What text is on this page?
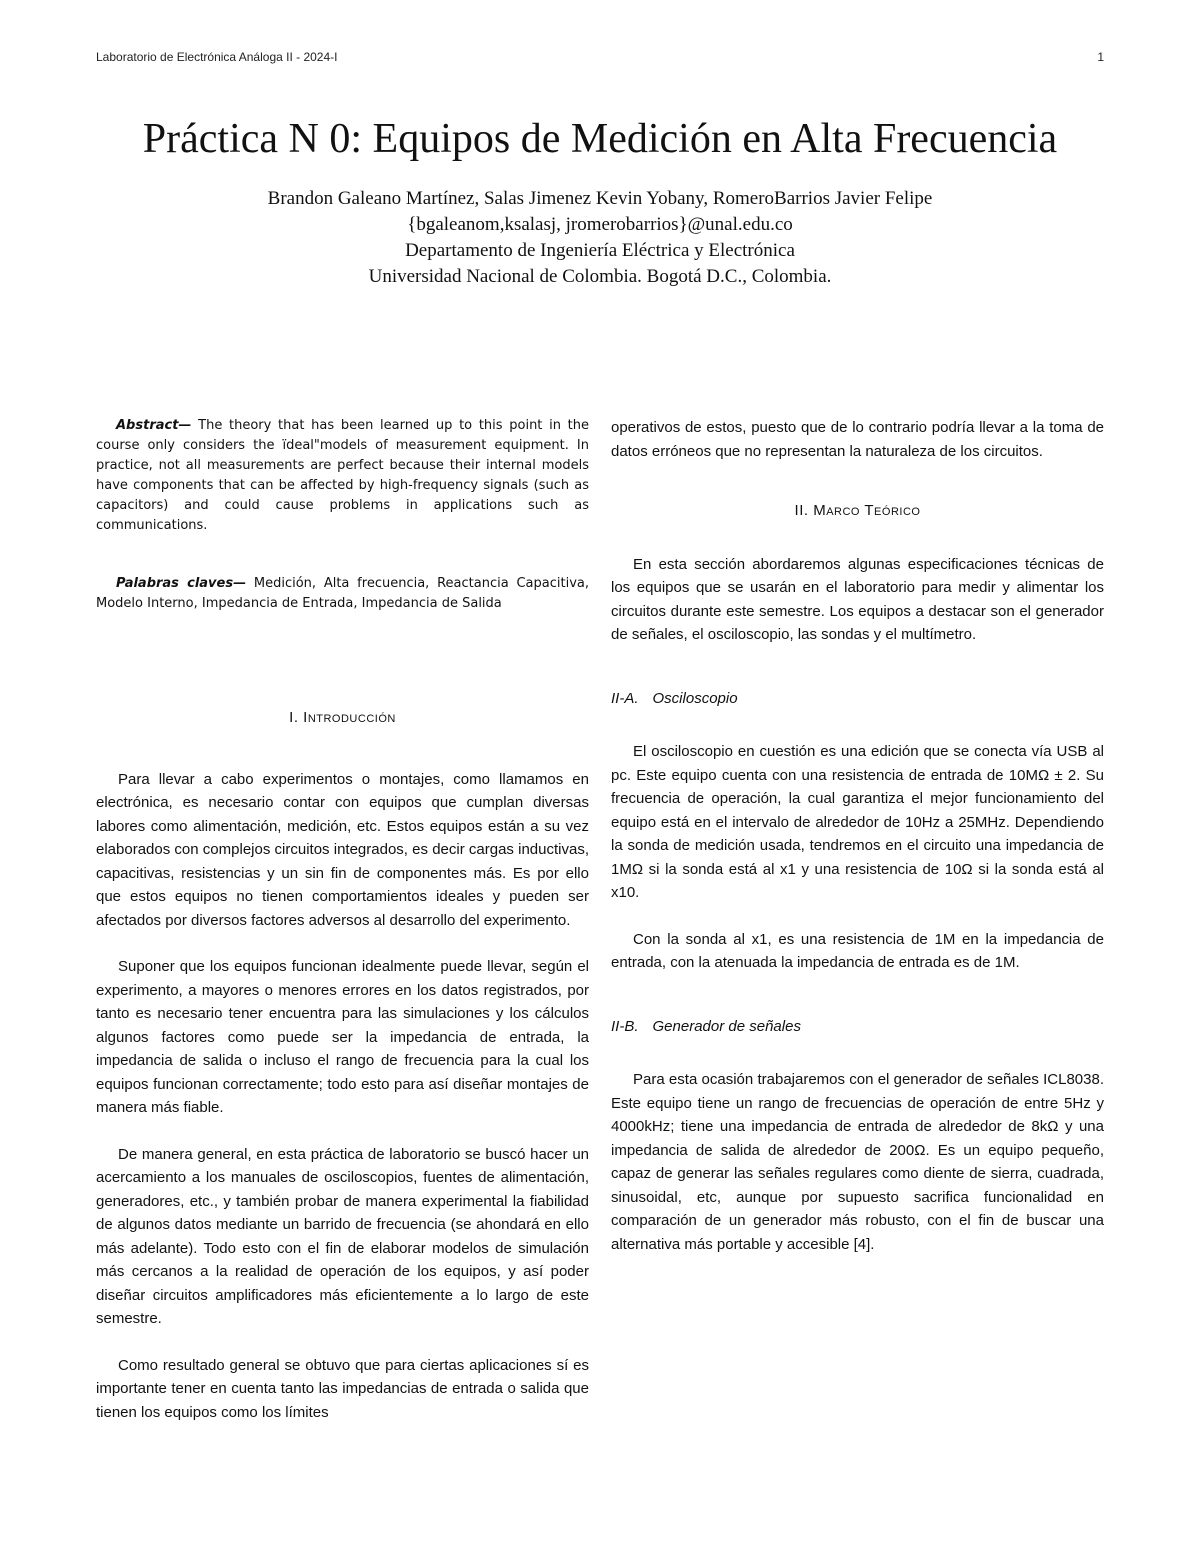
Laboratorio de Electrónica Análoga II - 2024-I	1
Práctica N 0: Equipos de Medición en Alta Frecuencia
Brandon Galeano Martínez, Salas Jimenez Kevin Yobany, RomeroBarrios Javier Felipe
{bgaleanom,ksalasj, jromerobarrios}@unal.edu.co
Departamento de Ingeniería Eléctrica y Electrónica
Universidad Nacional de Colombia. Bogotá D.C., Colombia.

Abstract— The theory that has been learned up to this point in the course only considers the ïdeal"models of measurement equipment. In practice, not all measurements are perfect because their internal models have components that can be affected by high-frequency signals (such as capacitors) and could cause problems in applications such as communications.

Palabras claves— Medición, Alta frecuencia, Reactancia Capacitiva, Modelo Interno, Impedancia de Entrada, Impedancia de Salida

I. Introducción

Para llevar a cabo experimentos o montajes, como llamamos en electrónica, es necesario contar con equipos que cumplan diversas labores como alimentación, medición, etc. Estos equipos están a su vez elaborados con complejos circuitos integrados, es decir cargas inductivas, capacitivas, resistencias y un sin fin de componentes más. Es por ello que estos equipos no tienen comportamientos ideales y pueden ser afectados por diversos factores adversos al desarrollo del experimento.

Suponer que los equipos funcionan idealmente puede llevar, según el experimento, a mayores o menores errores en los datos registrados, por tanto es necesario tener encuentra para las simulaciones y los cálculos algunos factores como puede ser la impedancia de entrada, la impedancia de salida o incluso el rango de frecuencia para la cual los equipos funcionan correctamente; todo esto para así diseñar montajes de manera más fiable.

De manera general, en esta práctica de laboratorio se buscó hacer un acercamiento a los manuales de osciloscopios, fuentes de alimentación, generadores, etc., y también probar de manera experimental la fiabilidad de algunos datos mediante un barrido de frecuencia (se ahondará en ello más adelante). Todo esto con el fin de elaborar modelos de simulación más cercanos a la realidad de operación de los equipos, y así poder diseñar circuitos amplificadores más eficientemente a lo largo de este semestre.

Como resultado general se obtuvo que para ciertas aplicaciones sí es importante tener en cuenta tanto las impedancias de entrada o salida que tienen los equipos como los límites

operativos de estos, puesto que de lo contrario podría llevar a la toma de datos erróneos que no representan la naturaleza de los circuitos.

II. Marco Teórico

En esta sección abordaremos algunas especificaciones técnicas de los equipos que se usarán en el laboratorio para medir y alimentar los circuitos durante este semestre. Los equipos a destacar son el generador de señales, el osciloscopio, las sondas y el multímetro.

II-A. Osciloscopio

El osciloscopio en cuestión es una edición que se conecta vía USB al pc. Este equipo cuenta con una resistencia de entrada de 10MΩ ± 2. Su frecuencia de operación, la cual garantiza el mejor funcionamiento del equipo está en el intervalo de alrededor de 10Hz a 25MHz. Dependiendo la sonda de medición usada, tendremos en el circuito una impedancia de 1MΩ si la sonda está al x1 y una resistencia de 10Ω si la sonda está al x10.

Con la sonda al x1, es una resistencia de 1M en la impedancia de entrada, con la atenuada la impedancia de entrada es de 1M.

II-B. Generador de señales

Para esta ocasión trabajaremos con el generador de señales ICL8038. Este equipo tiene un rango de frecuencias de operación de entre 5Hz y 4000kHz; tiene una impedancia de entrada de alrededor de 8kΩ y una impedancia de salida de alrededor de 200Ω. Es un equipo pequeño, capaz de generar las señales regulares como diente de sierra, cuadrada, sinusoidal, etc, aunque por supuesto sacrifica funcionalidad en comparación de un generador más robusto, con el fin de buscar una alternativa más portable y accesible [4].
